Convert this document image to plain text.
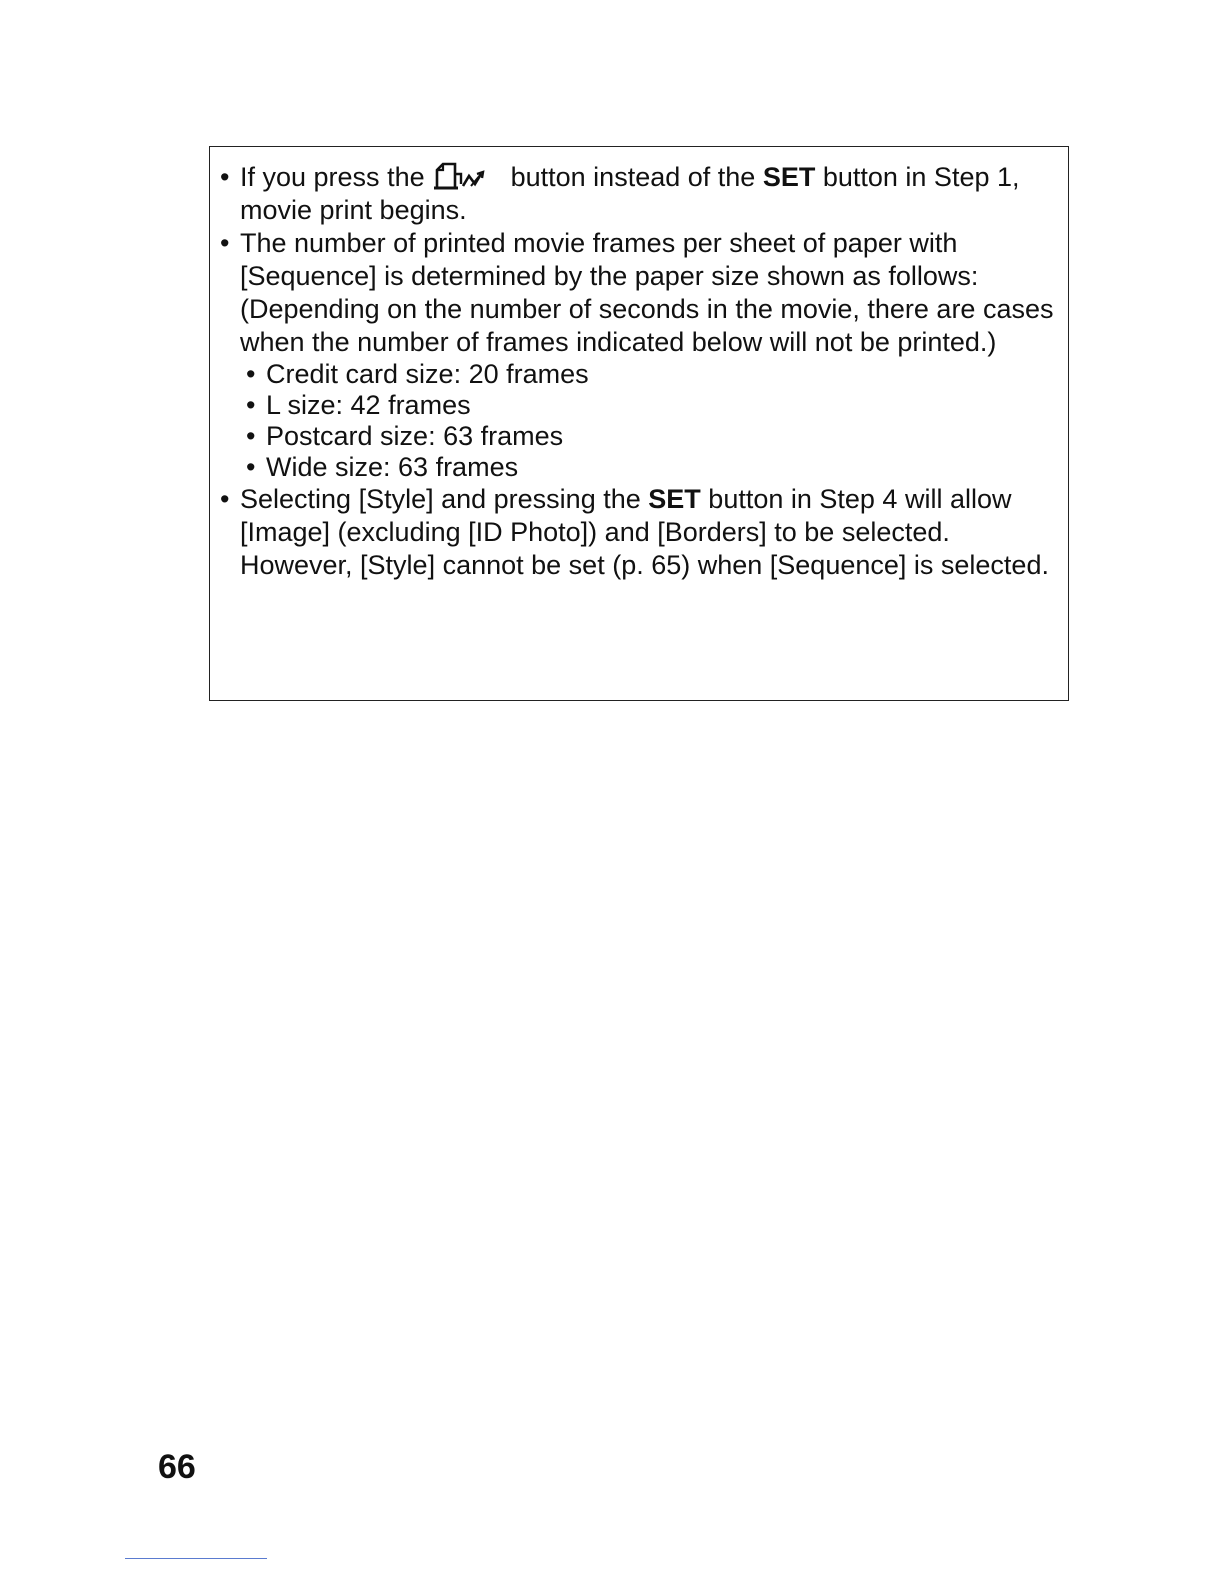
• If you press the	button instead of the SET button in Step 1, movie print begins.
• The number of printed movie frames per sheet of paper with [Sequence] is determined by the paper size shown as follows: (Depending on the number of seconds in the movie, there are cases when the number of frames indicated below will not be printed.)
• Credit card size: 20 frames
• L size: 42 frames
• Postcard size: 63 frames
• Wide size: 63 frames
• Selecting [Style] and pressing the SET button in Step 4 will allow [Image] (excluding [ID Photo]) and [Borders] to be selected.
However, [Style] cannot be set (p. 65) when [Sequence] is selected.
66
